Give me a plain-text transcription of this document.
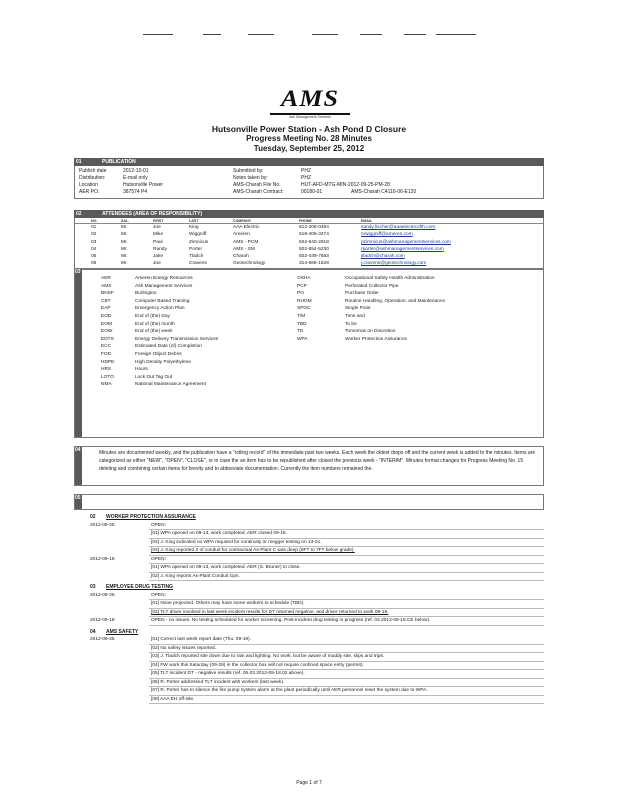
AMS
Ash Management Services
Hutsonville Power Station - Ash Pond D Closure
Progress Meeting No. 28 Minutes
Tuesday, September 25, 2012
01	PUBLICATION
Publish date	2012-10-01	Submitted by:	PHZ
Distribution:	E-mail only	Notes taken by:	PHZ
Location	Hutsonville Power	AMS-Charah File No.	HUT-AFD-MTG-MIN-2012-09-25-PM-28
AER PO:	387574 P4	AMS-Charah Contract:	00180-01	AMS-Charah C4116-06-E120
02	ATTENDEES (AREA OF RESPONSIBILITY)
NO.	SAL.	FIRST	LAST	COMPANY	PHONE	EMAIL
01	Mr.	Joe	King	AAA Electric	812-208-0484	sandy.fischer@aaaelectricofth.com
02	Mr.	Mike	Wiggniff	Ameren	618-406-3474	mwiggniff@ameren.com
03	Mr.	Paul	Zimnicus	AMS - PCM	502-640-2918	pzimnicus@ashmanagementservices.com
04	Mr.	Randy	Porter	AMS - SM	502-554-5230	rporter@ashmanagementservices.com
05	Mr.	Jake	Tladch	Charah	502-449-7653	jtladch@charah.com
06	Mr.	Joe	Cravens	Geotechnology	314-568-1628	j.cravens@geotechnology.com
03
AER	Ameren Energy Resources	OSHA	Occupational Safety Health Administration
AMS	Ash Management Services	PCP	Perforated Collector Pipe
BNSF	Burlington	PO	Purchase Order
CBT	Computer Based Training	RHOM	Routine Handling, Operation, and Maintenance
EAP	Emergency Action Plan	SPOC	Single Point
EOD	End of (the) Day	T/M	Time and
EOM	End of (the) month	TBD	To be
EOW	End of (the) week	TD	Tomorrow on Discretion
EDTS	Energy Delivery Transmission Services	WPA	Worker Protection Assurance
ECC	Estimated Date (of) Completion
FOD	Foreign Object Debris
HDPE	High Density Polyethylene
HRS	Hours
LOTO	Lock Out Tag Out
NMA	National Maintenance Agreement
04	Minutes are documented weekly, and the publication have a "rolling record" of the immediate past two weeks. Each week the oldest drops off and the current week is added to the minutes. Items are categorized as either "NEW", "OPEN", "CLOSE", or in case the an item has to be republished after closed the previous week - "INTERIM". Minutes format changes for Progress Meeting No. 15 deleting and combining certain items for brevity and to abbreviate documentation. Currently the item numbers remained the.
05
02 WORKER PROTECTION ASSURANCE
2012-09-25	OPEN:
[01] WPA opened on 09-13, work completed, AER closed 09-18.
[02] J. King indicated no WPA required for continuity or megger testing on 13-01.
[03] J. King reported 2 of conduit for contractual As-Plant C was deep (8FT to 7FT below grade).
2012-09-18	OPEN:
[01] WPA opened on 09-13, work completed, AER (S. Bruner) to close.
[02] J. King reports As-Plant Conduit Gps.
03 EMPLOYEE DRUG TESTING
2012-09-25	OPEN:
[01] None projected. Others may have some workers to schedule (TBD).
[02] TLT driver involved in last week incident results for DT returned negative, and driver returned to work 09-19.
2012-09-18	OPEN - no issues. No testing scheduled for worker screening. Post-incident drug testing in progress (ref. 04.2012-09-18.CE below).
04 AMS SAFETY
2012-09-25	[01] Correct last week report date (Thu. 09-19).
[02] No safety issues reported.
[03] J. Tladch reported site down due to rain and lighting. No work, but be aware of muddy site, slips and trips.
[04] FW work this Saturday (09-29) in the collector box will not require confined space entry (permit).
[05] TLT incident DT - negative results (ref. 05.03.2012-09-18.02 above).
[06] R. Porter addressed TLT incident with workers (last week).
[07] R. Porter has to silence the fire pump system alarm at the plant periodically until AER personnel reset the system due to WPA.
[08] AAA EH off-site.
Page 1 of 7
